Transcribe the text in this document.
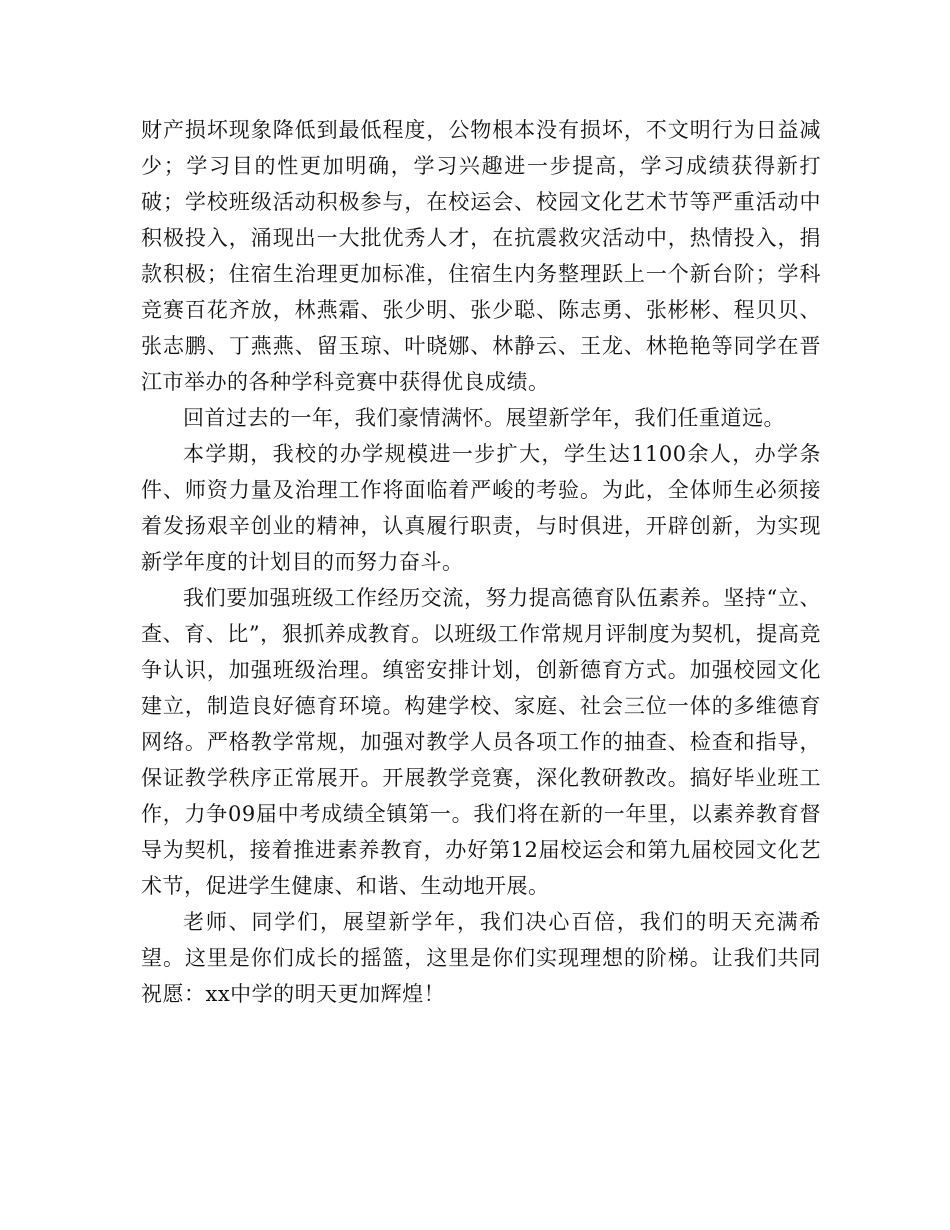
财产损坏现象降低到最低程度，公物根本没有损坏，不文明行为日益减少；学习目的性更加明确，学习兴趣进一步提高，学习成绩获得新打破；学校班级活动积极参与，在校运会、校园文化艺术节等严重活动中积极投入，涌现出一大批优秀人才，在抗震救灾活动中，热情投入，捐款积极；住宿生治理更加标准，住宿生内务整理跃上一个新台阶；学科竞赛百花齐放，林燕霜、张少明、张少聪、陈志勇、张彬彬、程贝贝、张志鹏、丁燕燕、留玉琼、叶晓娜、林静云、王龙、林艳艳等同学在晋江市举办的各种学科竞赛中获得优良成绩。

回首过去的一年，我们豪情满怀。展望新学年，我们任重道远。

本学期，我校的办学规模进一步扩大，学生达1100余人，办学条件、师资力量及治理工作将面临着严峻的考验。为此，全体师生必须接着发扬艰辛创业的精神，认真履行职责，与时俱进，开辟创新，为实现新学年度的计划目的而努力奋斗。

我们要加强班级工作经历交流，努力提高德育队伍素养。坚持“立、查、育、比”，狠抓养成教育。以班级工作常规月评制度为契机，提高竞争认识，加强班级治理。缜密安排计划，创新德育方式。加强校园文化建立，制造良好德育环境。构建学校、家庭、社会三位一体的多维德育网络。严格教学常规，加强对教学人员各项工作的抽查、检查和指导，保证教学秩序正常展开。开展教学竞赛，深化教研教改。搞好毕业班工作，力争09届中考成绩全镇第一。我们将在新的一年里，以素养教育督导为契机，接着推进素养教育，办好第12届校运会和第九届校园文化艺术节，促进学生健康、和谐、生动地开展。

老师、同学们，展望新学年，我们决心百倍，我们的明天充满希望。这里是你们成长的摇篮，这里是你们实现理想的阶梯。让我们共同祝愿：xx中学的明天更加辉煌！
